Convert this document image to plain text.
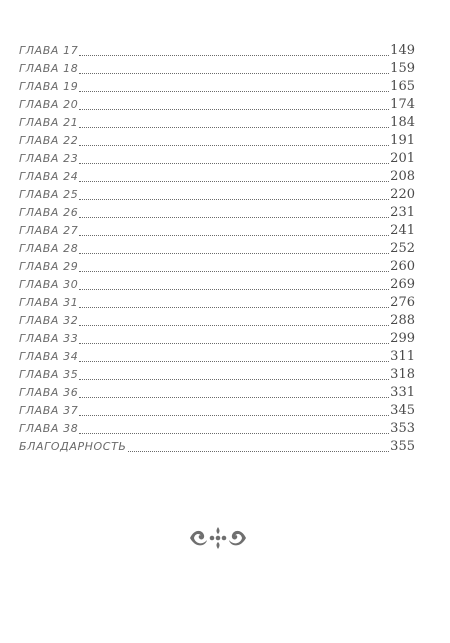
ГЛАВА 17	149
ГЛАВА 18	159
ГЛАВА 19	165
ГЛАВА 20	174
ГЛАВА 21	184
ГЛАВА 22	191
ГЛАВА 23	201
ГЛАВА 24	208
ГЛАВА 25	220
ГЛАВА 26	231
ГЛАВА 27	241
ГЛАВА 28	252
ГЛАВА 29	260
ГЛАВА 30	269
ГЛАВА 31	276
ГЛАВА 32	288
ГЛАВА 33	299
ГЛАВА 34	311
ГЛАВА 35	318
ГЛАВА 36	331
ГЛАВА 37	345
ГЛАВА 38	353
БЛАГОДАРНОСТЬ	355
